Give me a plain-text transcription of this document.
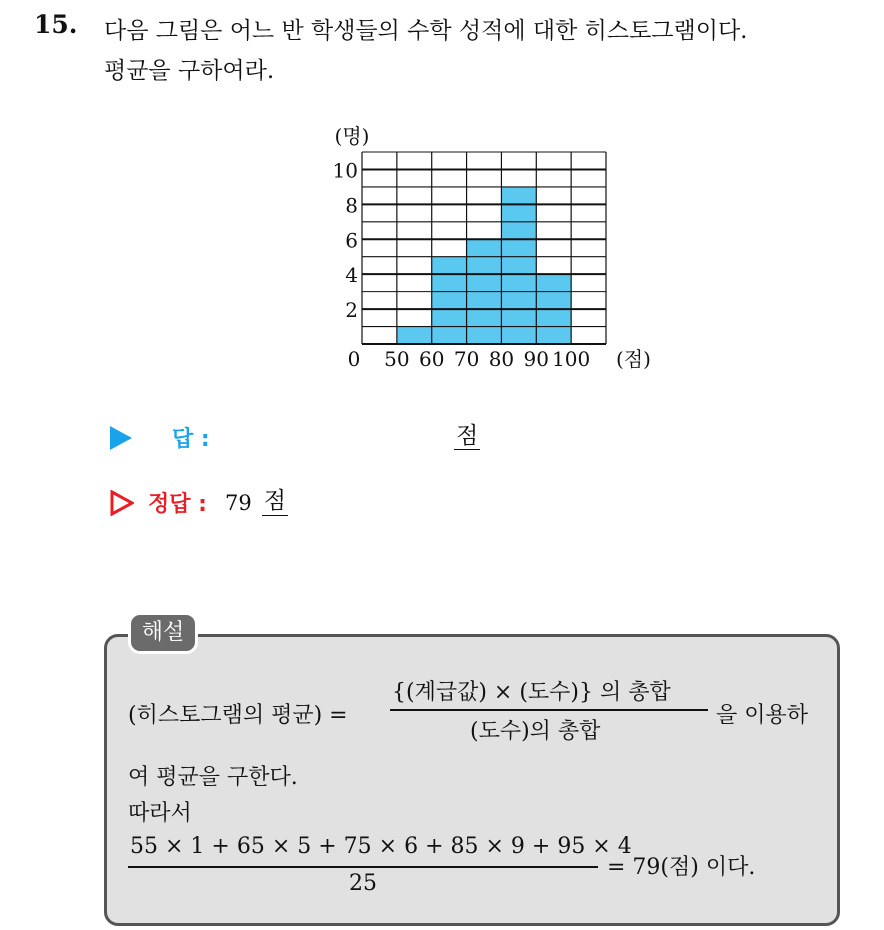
15. 다음 그림은 어느 반 학생들의 수학 성적에 대한 히스토그램이다.
평균을 구하여라.
2
4
6
8
10
0 50 60 70 80 90 100 (점)
(명)
답 :	점
정답 : 79 점
해설
(히스토그램의 평균) =
{(계급값) × (도수)} 의 총합
(도수)의 총합
을 이용하
여 평균을 구한다.
따라서
55 × 1 + 65 × 5 + 75 × 6 + 85 × 9 + 95 × 4
25
= 79(점) 이다.
